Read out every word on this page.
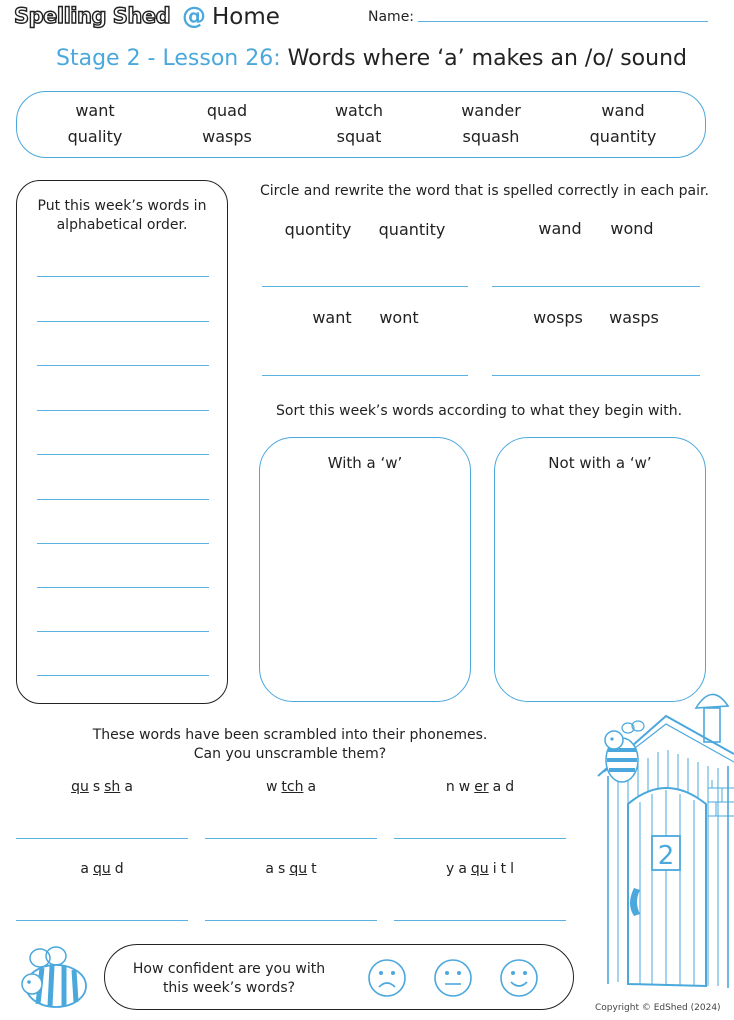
Spelling Shed @ Home	Name:
Stage 2 - Lesson 26: Words where ‘a’ makes an /o/ sound
want	quad	watch	wander	wand
quality	wasps	squat	squash	quantity
Put this week’s words in alphabetical order.
Circle and rewrite the word that is spelled correctly in each pair.
quontity	quantity	wand	wond
want	wont	wosps	wasps
Sort this week’s words according to what they begin with.
With a ‘w’	Not with a ‘w’
These words have been scrambled into their phonemes.
Can you unscramble them?
qu s sh a	w tch a	n w er a d
a qu d	a s qu t	y a qu i t l
How confident are you with
this week’s words?
2
Copyright © EdShed (2024)
